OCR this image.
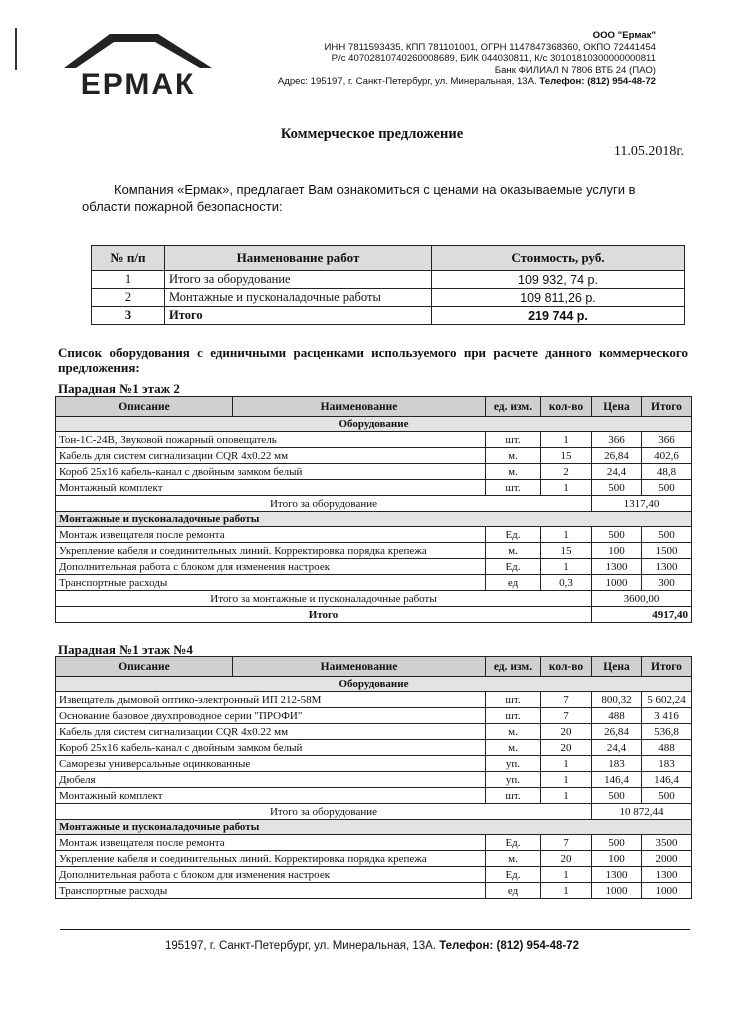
ЕРМАК
ООО "Ермак"
ИНН 7811593435, КПП 781101001, ОГРН 1147847368360, ОКПО 72441454
Р/с 40702810740260008689, БИК 044030811, К/с 30101810300000000811
Банк ФИЛИАЛ N 7806 ВТБ 24 (ПАО)
Адрес: 195197, г. Санкт-Петербург, ул. Минеральная, 13А. Телефон: (812) 954-48-72
Коммерческое предложение
11.05.2018г.
Компания «Ермак», предлагает Вам ознакомиться с ценами на оказываемые услуги в области пожарной безопасности:
№ п/п	Наименование работ	Стоимость, руб.
1	Итого за оборудование	109 932, 74 р.
2	Монтажные и пусконаладочные работы	109 811,26 р.
3	Итого	219 744 р.
Список оборудования с единичными расценками используемого при расчете данного коммерческого предложения:
Парадная №1 этаж 2
Описание	Наименование	ед. изм.	кол-во	Цена	Итого
Оборудование					
Тон-1С-24В, Звуковой пожарный оповещатель		шт.	1	366	366
Кабель для систем сигнализации CQR 4x0.22 мм		м.	15	26,84	402,6
Короб 25x16 кабель-канал с двойным замком белый		м.	2	24,4	48,8
Монтажный комплект		шт.	1	500	500
Итого за оборудование				1317,40	
Монтажные и пусконаладочные работы					
Монтаж извещателя после ремонта		Ед.	1	500	500
Укрепление кабеля и соединительных линий. Корректировка порядка крепежа		м.	15	100	1500
Дополнительная работа с блоком для изменения настроек		Ед.	1	1300	1300
Транспортные расходы		ед	0,3	1000	300
Итого за монтажные и пусконаладочные работы				3600,00	
Итого				4917,40	
Парадная №1 этаж №4
Описание	Наименование	ед. изм.	кол-во	Цена	Итого
Оборудование					
Извещатель дымовой оптико-электронный ИП 212-58М		шт.	7	800,32	5 602,24
Основание базовое двухпроводное серии "ПРОФИ"		шт.	7	488	3 416
Кабель для систем сигнализации CQR 4x0.22 мм		м.	20	26,84	536,8
Короб 25x16 кабель-канал с двойным замком белый		м.	20	24,4	488
Саморезы универсальные оцинкованные		уп.	1	183	183
Дюбеля		уп.	1	146,4	146,4
Монтажный комплект		шт.	1	500	500
Итого за оборудование				10 872,44	
Монтажные и пусконаладочные работы					
Монтаж извещателя после ремонта		Ед.	7	500	3500
Укрепление кабеля и соединительных линий. Корректировка порядка крепежа		м.	20	100	2000
Дополнительная работа с блоком для изменения настроек		Ед.	1	1300	1300
Транспортные расходы		ед	1	1000	1000
195197, г. Санкт-Петербург, ул. Минеральная, 13А. Телефон: (812) 954-48-72
